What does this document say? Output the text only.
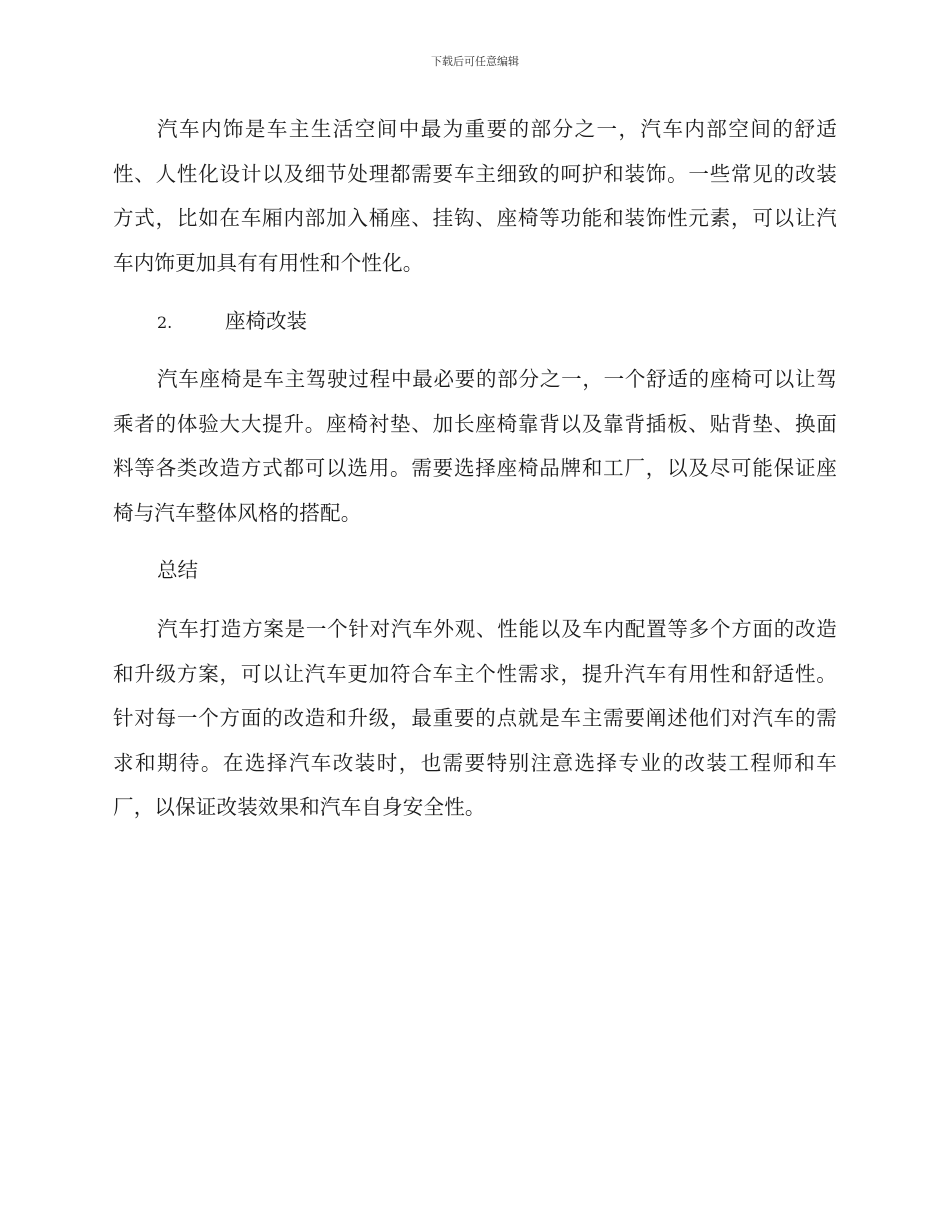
下载后可任意编辑

汽车内饰是车主生活空间中最为重要的部分之一，汽车内部空间的舒适性、人性化设计以及细节处理都需要车主细致的呵护和装饰。一些常见的改装方式，比如在车厢内部加入桶座、挂钩、座椅等功能和装饰性元素，可以让汽车内饰更加具有有用性和个性化。

2.	座椅改装

汽车座椅是车主驾驶过程中最必要的部分之一，一个舒适的座椅可以让驾乘者的体验大大提升。座椅衬垫、加长座椅靠背以及靠背插板、贴背垫、换面料等各类改造方式都可以选用。需要选择座椅品牌和工厂，以及尽可能保证座椅与汽车整体风格的搭配。

总结

汽车打造方案是一个针对汽车外观、性能以及车内配置等多个方面的改造和升级方案，可以让汽车更加符合车主个性需求，提升汽车有用性和舒适性。针对每一个方面的改造和升级，最重要的点就是车主需要阐述他们对汽车的需求和期待。在选择汽车改装时，也需要特别注意选择专业的改装工程师和车厂，以保证改装效果和汽车自身安全性。
